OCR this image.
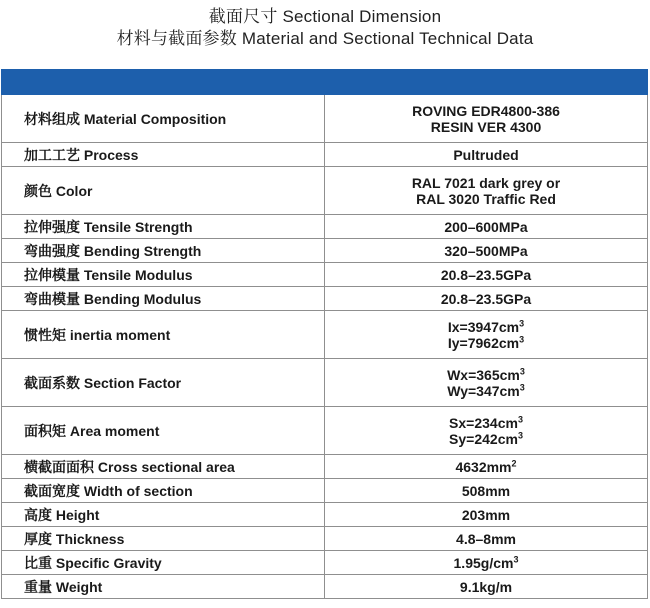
截面尺寸 Sectional Dimension
材料与截面参数 Material and Sectional Technical Data

材料组成 Material Composition	ROVING EDR4800-386
RESIN VER 4300

加工工艺 Process	Pultruded

颜色 Color	RAL 7021 dark grey or
RAL 3020 Traffic Red

拉伸强度 Tensile Strength	200–600MPa

弯曲强度 Bending Strength	320–500MPa

拉伸模量 Tensile Modulus	20.8–23.5GPa

弯曲模量 Bending Modulus	20.8–23.5GPa

惯性矩 inertia moment	$Ix=3947cm^3$
$Iy=7962cm^3$

截面系数 Section Factor	$Wx=365cm^3$
$Wy=347cm^3$

面积矩 Area moment	$Sx=234cm^3$
$Sy=242cm^3$

横截面面积 Cross sectional area	$4632mm^2$

截面宽度 Width of section	508mm

高度 Height	203mm

厚度 Thickness	4.8–8mm

比重 Specific Gravity	$1.95g/cm^3$

重量 Weight	9.1kg/m
